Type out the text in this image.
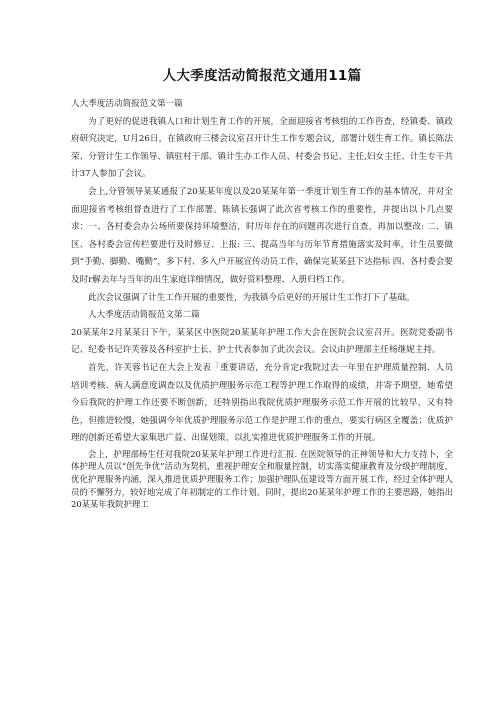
人大季度活动简报范文通用11篇

人大季度活动简报范文第一篇

为了更好的促进我镇人口和计划生育工作的开展，全面迎接省考核组的工作咨查，经镇委、镇政府研究决定，U月26日，在镇政府三楼会议室召开计生工作专题会议，部署计划生育工作。镇长陈法荣、分管计生工作领导、镇驻村干部、镇计生办工作人员、村委会书记、主任,妇女主任、计生专干共计37人参加了会议。

会上,分管领导某某通报了20某某年度以及20某某年第一季度计划生育工作的基本情况，并对全面迎接省考核组督查进行了工作部署。陈镇长强调了此次省考核工作的重要性，并提出以卜几点要求：一、各村委会办公场所要保持环境整洁，时历年存在的问题再次进行自查，再加以整改: 二、镇区、各村委会宣传栏要进行及时修豆、上报: 三、提高当年与历年节育措施落实及时率，计生员要做到“手勤、脚勤、嘴勤”，多下村、多入户开展宣传动员工作，确保完某某县下达指标 四、各村委会要及时r解去年与当年的出生家庭详细情况，做好资料整理、入册归档工作。

此次会议强调了计生工作开展的重要性，为我镇今后更好的开展计生工作打下了基础。

人大季度活动简报范文第二篇

20某某年2月某某日下午，某某区中医院20某某年护理工作大会在医院会议室召开。医院党委副书记、纪委书记许芙蓉及各科室护士长、护士代表参加了此次会议。会议由护理部主任杨继妮主持。

首先，许芙蓉书记在大会上发表「重要讲话，充分肯定r我院过去一年里在护理质量控制、人员培训考核、病人满意度调查以及优质护理服务示范工程等护理工作取得的成绩，并寄予期望，她希望今后我院的护理工作还要不断创新，还特别指出我院优质护理服务示范工作开展的比较早，又有特色，但推进较慢，她强调今年优质护理服务示范工作是护理工作的重点，要实行病区全覆盖；优质护理的创新还希望大家集思广益、出谋划策，以扎实推进优质护理服务工作的开展。

会上，护理部杨生任对我院20某某年护理工作进行汇报. 在医院领导的正神领导和大力支持卜，全体护理人员以“创先争优”活动为契机，重视护理安全和服量控制，切实落实健康教育及分级护理制度，优化护理服务内涵，深入推进优质护理服务工作；加强护理队伍建设等方面开展工作，经过全体护理人员的不懈努力，较好地完成了年初制定的工作计划。同时，提出20某某年护理工作的主要思路，她指出20某某年我院护理工
